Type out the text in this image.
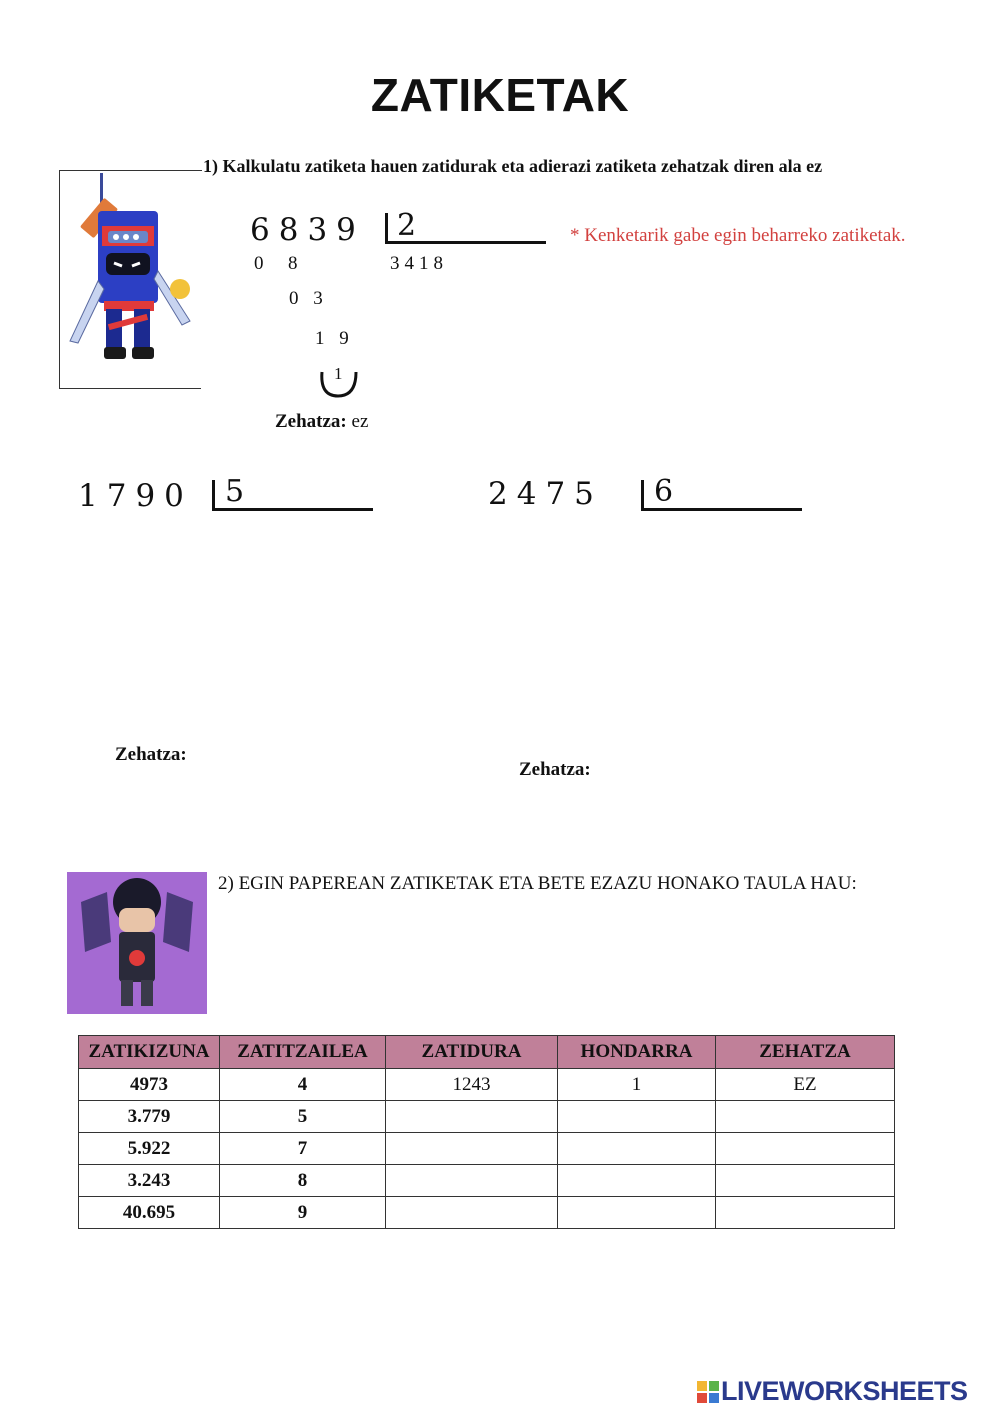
ZATIKETAK
1) Kalkulatu zatiketa hauen zatidurak eta adierazi zatiketa zehatzak diren ala ez
6839 2	* Kenketarik gabe egin beharreko zatiketak.
3418
0  8
0 3
1 9
1
Zehatza: ez
1790 5
Zehatza:
2475 6
Zehatza:
2) EGIN PAPEREAN ZATIKETAK ETA BETE EZAZU HONAKO TAULA HAU:
ZATIKIZUNA	ZATITZAILEA	ZATIDURA	HONDARRA	ZEHATZA
4973	4	1243	1	EZ
3.779	5			
5.922	7			
3.243	8			
40.695	9			
LIVEWORKSHEETS
